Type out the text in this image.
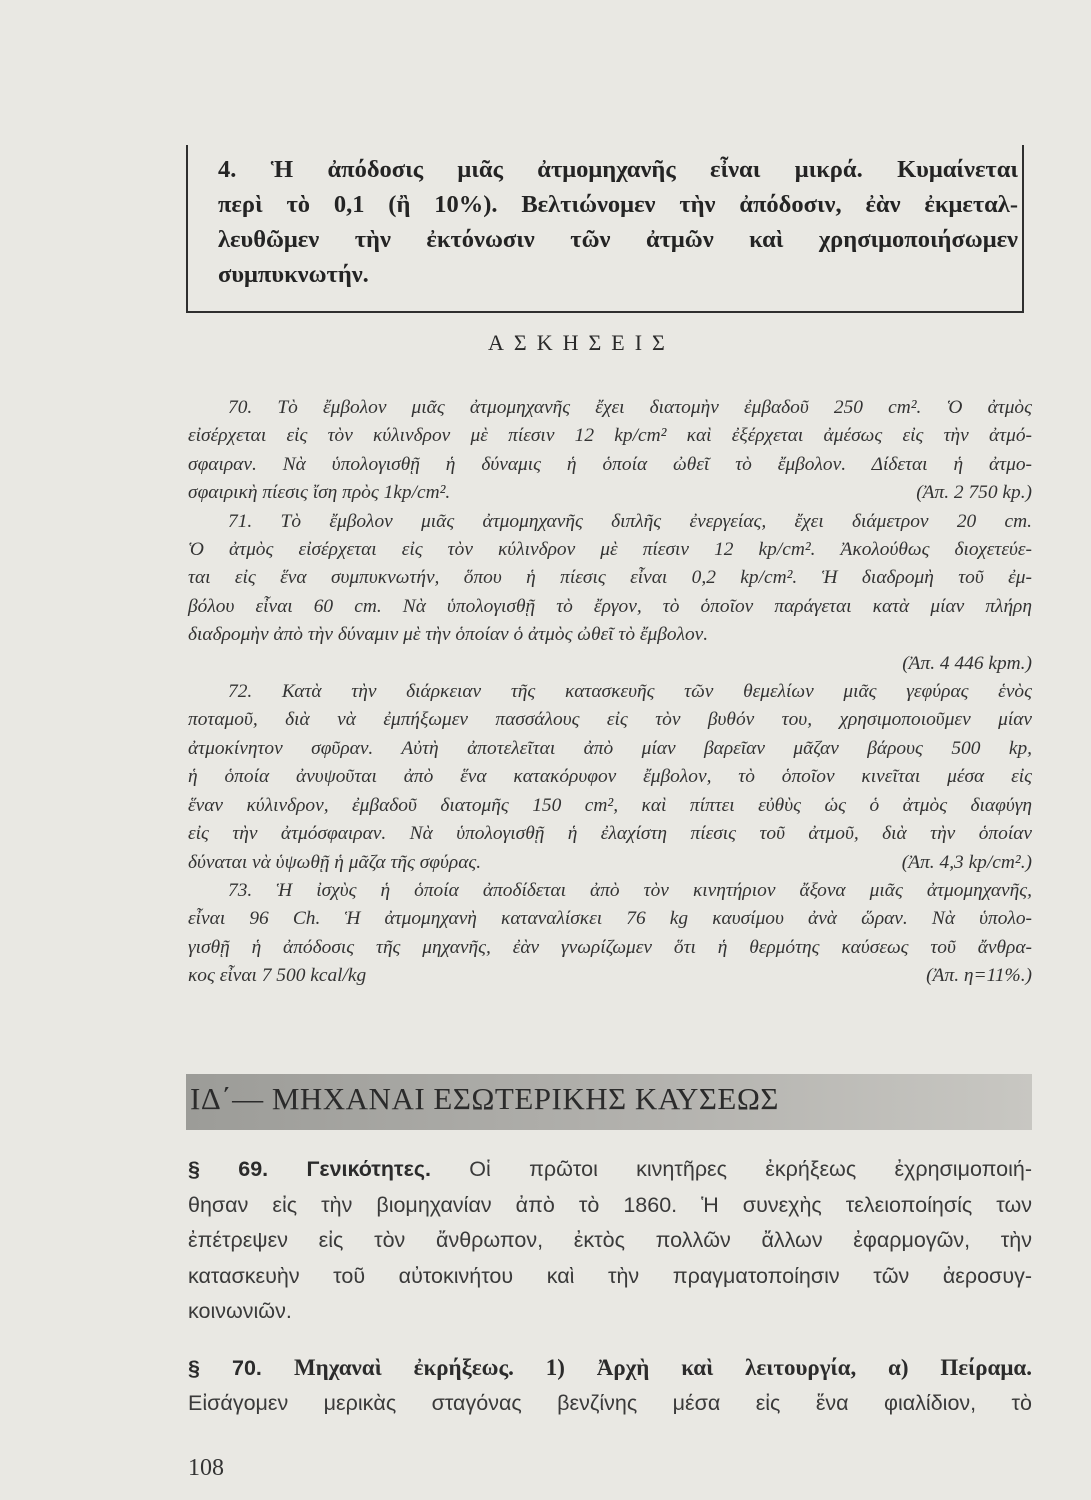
4. Ἡ ἀπόδοσις μιᾶς ἀτμομηχανῆς εἶναι μικρά. Κυμαίνεται
περὶ τὸ 0,1 (ἢ 10%). Βελτιώνομεν τὴν ἀπόδοσιν, ἐὰν ἐκμεταλ-
λευθῶμεν τὴν ἐκτόνωσιν τῶν ἀτμῶν καὶ χρησιμοποιήσωμεν
συμπυκνωτήν.
ΑΣΚΗΣΕΙΣ
70. Τὸ ἔμβολον μιᾶς ἀτμομηχανῆς ἔχει διατομὴν ἐμβαδοῦ 250 cm². Ὁ ἀτμὸς
εἰσέρχεται εἰς τὸν κύλινδρον μὲ πίεσιν 12 kp/cm² καὶ ἐξέρχεται ἀμέσως εἰς τὴν ἀτμό-
σφαιραν. Νὰ ὑπολογισθῇ ἡ δύναμις ἡ ὁποία ὠθεῖ τὸ ἔμβολον. Δίδεται ἡ ἀτμο-
σφαιρικὴ πίεσις ἴση πρὸς 1kp/cm².	(Ἀπ. 2 750 kp.)
71. Τὸ ἔμβολον μιᾶς ἀτμομηχανῆς διπλῆς ἐνεργείας, ἔχει διάμετρον 20 cm.
Ὁ ἀτμὸς εἰσέρχεται εἰς τὸν κύλινδρον μὲ πίεσιν 12 kp/cm². Ἀκολούθως διοχετεύε-
ται εἰς ἕνα συμπυκνωτήν, ὅπου ἡ πίεσις εἶναι 0,2 kp/cm². Ἡ διαδρομὴ τοῦ ἐμ-
βόλου εἶναι 60 cm. Νὰ ὑπολογισθῇ τὸ ἔργον, τὸ ὁποῖον παράγεται κατὰ μίαν πλήρη
διαδρομὴν ἀπὸ τὴν δύναμιν μὲ τὴν ὁποίαν ὁ ἀτμὸς ὠθεῖ τὸ ἔμβολον.
(Ἀπ. 4 446 kpm.)
72. Κατὰ τὴν διάρκειαν τῆς κατασκευῆς τῶν θεμελίων μιᾶς γεφύρας ἑνὸς
ποταμοῦ, διὰ νὰ ἐμπήξωμεν πασσάλους εἰς τὸν βυθόν του, χρησιμοποιοῦμεν μίαν
ἀτμοκίνητον σφῦραν. Αὐτὴ ἀποτελεῖται ἀπὸ μίαν βαρεῖαν μᾶζαν βάρους 500 kp,
ἡ ὁποία ἀνυψοῦται ἀπὸ ἕνα κατακόρυφον ἔμβολον, τὸ ὁποῖον κινεῖται μέσα εἰς
ἕναν κύλινδρον, ἐμβαδοῦ διατομῆς 150 cm², καὶ πίπτει εὐθὺς ὡς ὁ ἀτμὸς διαφύγη
εἰς τὴν ἀτμόσφαιραν. Νὰ ὑπολογισθῇ ἡ ἐλαχίστη πίεσις τοῦ ἀτμοῦ, διὰ τὴν ὁποίαν
δύναται νὰ ὑψωθῇ ἡ μᾶζα τῆς σφύρας.	(Ἀπ. 4,3 kp/cm².)
73. Ἡ ἰσχὺς ἡ ὁποία ἀποδίδεται ἀπὸ τὸν κινητήριον ἄξονα μιᾶς ἀτμομηχανῆς,
εἶναι 96 Ch. Ἡ ἀτμομηχανὴ καταναλίσκει 76 kg καυσίμου ἀνὰ ὥραν. Νὰ ὑπολο-
γισθῇ ἡ ἀπόδοσις τῆς μηχανῆς, ἐὰν γνωρίζωμεν ὅτι ἡ θερμότης καύσεως τοῦ ἄνθρα-
κος εἶναι 7 500 kcal/kg	(Ἀπ. η=11%.)
ΙΔ΄— ΜΗΧΑΝΑΙ ΕΣΩΤΕΡΙΚΗΣ ΚΑΥΣΕΩΣ
§ 69. Γενικότητες. Οἱ πρῶτοι κινητῆρες ἐκρήξεως ἐχρησιμοποιή-
θησαν εἰς τὴν βιομηχανίαν ἀπὸ τὸ 1860. Ἡ συνεχὴς τελειοποίησίς των
ἐπέτρεψεν εἰς τὸν ἄνθρωπον, ἐκτὸς πολλῶν ἄλλων ἐφαρμογῶν, τὴν
κατασκευὴν τοῦ αὐτοκινήτου καὶ τὴν πραγματοποίησιν τῶν ἀεροσυγ-
κοινωνιῶν.
§ 70. Μηχαναὶ ἐκρήξεως. 1) Ἀρχὴ καὶ λειτουργία, α) Πείραμα.
Εἰσάγομεν μερικὰς σταγόνας βενζίνης μέσα εἰς ἕνα φιαλίδιον, τὸ
108
